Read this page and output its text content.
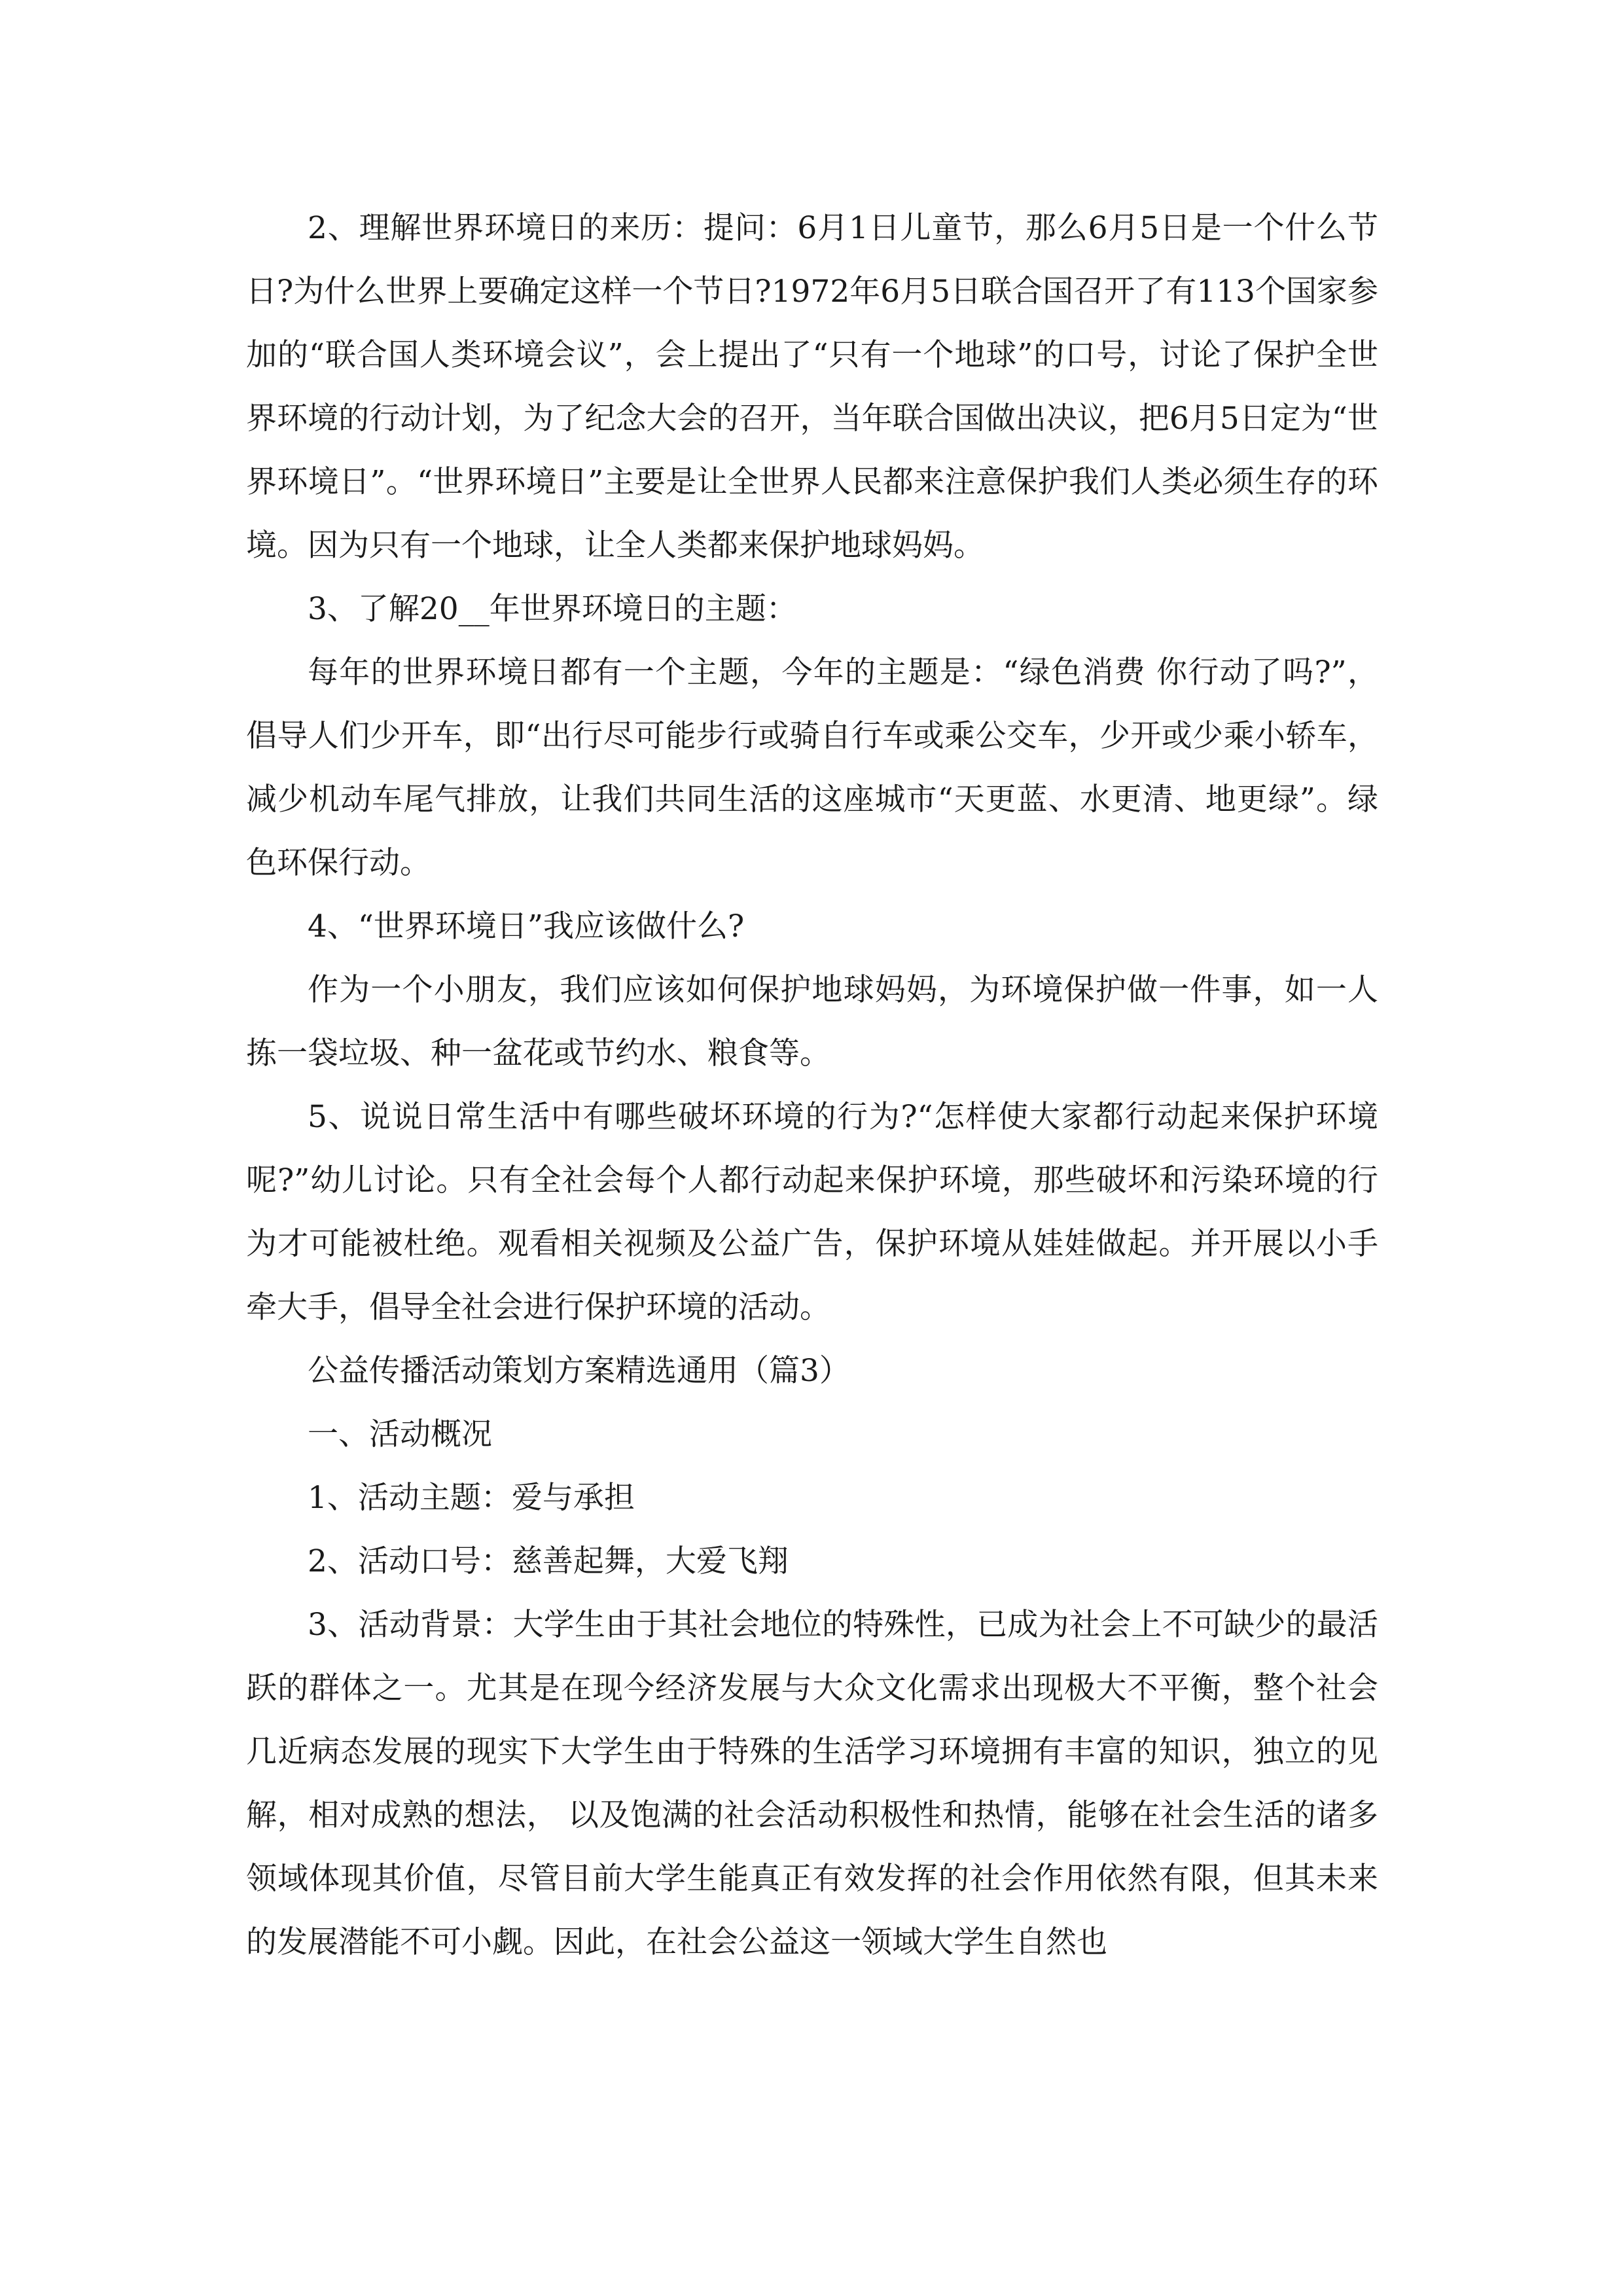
2、理解世界环境日的来历：提问：6月1日儿童节，那么6月5日是一个什么节日?为什么世界上要确定这样一个节日?1972年6月5日联合国召开了有113个国家参加的“联合国人类环境会议”，会上提出了“只有一个地球”的口号，讨论了保护全世界环境的行动计划，为了纪念大会的召开，当年联合国做出决议，把6月5日定为“世界环境日”。“世界环境日”主要是让全世界人民都来注意保护我们人类必须生存的环境。因为只有一个地球，让全人类都来保护地球妈妈。

3、了解20__年世界环境日的主题：

每年的世界环境日都有一个主题，今年的主题是：“绿色消费 你行动了吗?”，倡导人们少开车，即“出行尽可能步行或骑自行车或乘公交车，少开或少乘小轿车，减少机动车尾气排放，让我们共同生活的这座城市“天更蓝、水更清、地更绿”。绿色环保行动。

4、“世界环境日”我应该做什么?

作为一个小朋友，我们应该如何保护地球妈妈，为环境保护做一件事，如一人拣一袋垃圾、种一盆花或节约水、粮食等。

5、说说日常生活中有哪些破坏环境的行为?“怎样使大家都行动起来保护环境呢?”幼儿讨论。只有全社会每个人都行动起来保护环境，那些破坏和污染环境的行为才可能被杜绝。观看相关视频及公益广告，保护环境从娃娃做起。并开展以小手牵大手，倡导全社会进行保护环境的活动。

公益传播活动策划方案精选通用（篇3）

一、活动概况

1、活动主题：爱与承担

2、活动口号：慈善起舞，大爱飞翔

3、活动背景：大学生由于其社会地位的特殊性，已成为社会上不可缺少的最活跃的群体之一。尤其是在现今经济发展与大众文化需求出现极大不平衡，整个社会几近病态发展的现实下大学生由于特殊的生活学习环境拥有丰富的知识，独立的见解，相对成熟的想法， 以及饱满的社会活动积极性和热情，能够在社会生活的诸多领域体现其价值，尽管目前大学生能真正有效发挥的社会作用依然有限，但其未来的发展潜能不可小觑。因此，在社会公益这一领域大学生自然也
